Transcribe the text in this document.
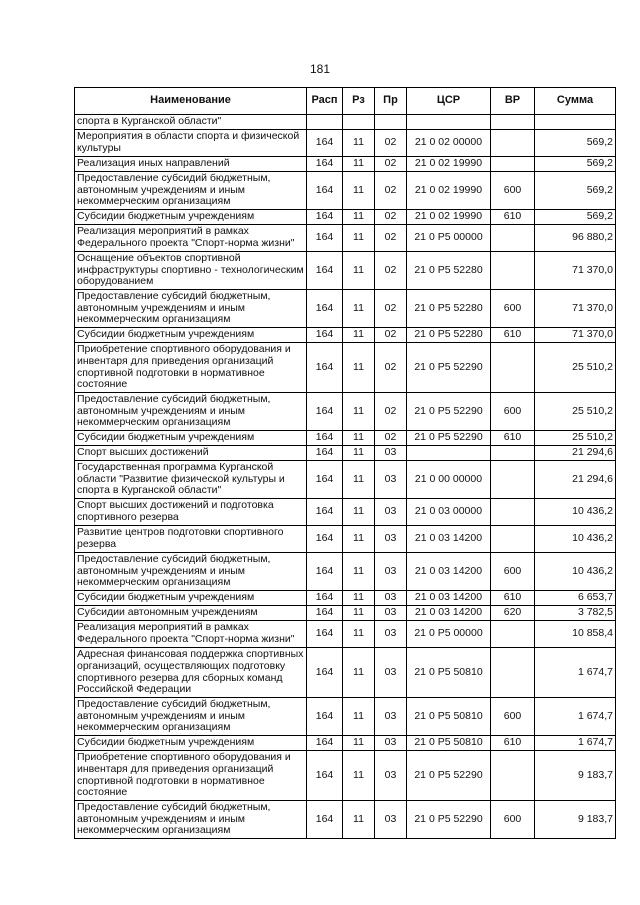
181
Наименование	Расп	Рз	Пр	ЦСР	ВР	Сумма
спорта в Курганской области"						
Мероприятия в области спорта и физической культуры	164	11	02	21 0 02 00000		569,2
Реализация иных направлений	164	11	02	21 0 02 19990		569,2
Предоставление субсидий бюджетным, автономным учреждениям и иным некоммерческим организациям	164	11	02	21 0 02 19990	600	569,2
Субсидии бюджетным учреждениям	164	11	02	21 0 02 19990	610	569,2
Реализация мероприятий в рамках Федерального проекта "Спорт-норма жизни"	164	11	02	21 0 P5 00000		96 880,2
Оснащение объектов спортивной инфраструктуры спортивно - технологическим оборудованием	164	11	02	21 0 P5 52280		71 370,0
Предоставление субсидий бюджетным, автономным учреждениям и иным некоммерческим организациям	164	11	02	21 0 P5 52280	600	71 370,0
Субсидии бюджетным учреждениям	164	11	02	21 0 P5 52280	610	71 370,0
Приобретение спортивного оборудования и инвентаря для приведения организаций спортивной подготовки в нормативное состояние	164	11	02	21 0 P5 52290		25 510,2
Предоставление субсидий бюджетным, автономным учреждениям и иным некоммерческим организациям	164	11	02	21 0 P5 52290	600	25 510,2
Субсидии бюджетным учреждениям	164	11	02	21 0 P5 52290	610	25 510,2
Спорт высших достижений	164	11	03			21 294,6
Государственная программа Курганской области "Развитие физической культуры и спорта в Курганской области"	164	11	03	21 0 00 00000		21 294,6
Спорт высших достижений и подготовка спортивного резерва	164	11	03	21 0 03 00000		10 436,2
Развитие центров подготовки спортивного резерва	164	11	03	21 0 03 14200		10 436,2
Предоставление субсидий бюджетным, автономным учреждениям и иным некоммерческим организациям	164	11	03	21 0 03 14200	600	10 436,2
Субсидии бюджетным учреждениям	164	11	03	21 0 03 14200	610	6 653,7
Субсидии автономным учреждениям	164	11	03	21 0 03 14200	620	3 782,5
Реализация мероприятий в рамках Федерального проекта "Спорт-норма жизни"	164	11	03	21 0 P5 00000		10 858,4
Адресная финансовая поддержка спортивных организаций, осуществляющих подготовку спортивного резерва для сборных команд Российской Федерации	164	11	03	21 0 P5 50810		1 674,7
Предоставление субсидий бюджетным, автономным учреждениям и иным некоммерческим организациям	164	11	03	21 0 P5 50810	600	1 674,7
Субсидии бюджетным учреждениям	164	11	03	21 0 P5 50810	610	1 674,7
Приобретение спортивного оборудования и инвентаря для приведения организаций спортивной подготовки в нормативное состояние	164	11	03	21 0 P5 52290		9 183,7
Предоставление субсидий бюджетным, автономным учреждениям и иным некоммерческим организациям	164	11	03	21 0 P5 52290	600	9 183,7
